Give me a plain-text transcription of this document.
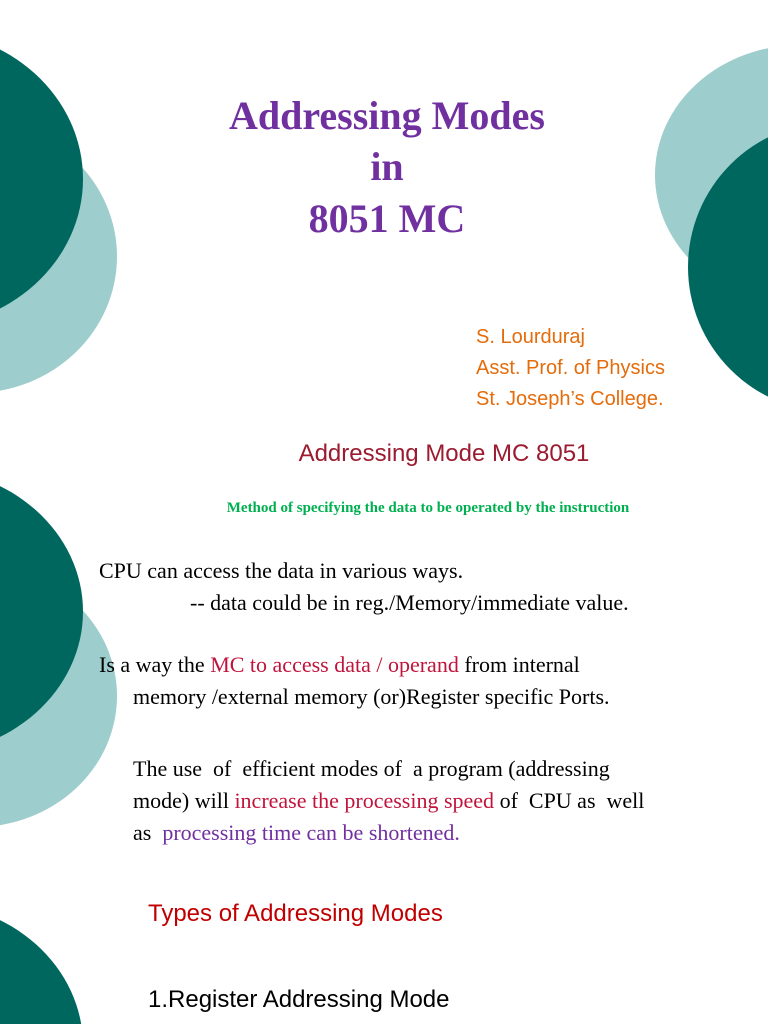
Addressing Modes
in
8051 MC
S. Lourduraj
Asst. Prof. of Physics
St. Joseph’s College.
Addressing Mode MC 8051
Method of specifying the data to be operated by the instruction
CPU can access the data in various ways.
-- data could be in reg./Memory/immediate value.
Is a way the MC to access data / operand from internal
memory /external memory (or)Register specific Ports.
The use  of  efficient modes of  a program (addressing
mode) will increase the processing speed of  CPU as  well
as  processing time can be shortened.
Types of Addressing Modes
1.Register Addressing Mode
